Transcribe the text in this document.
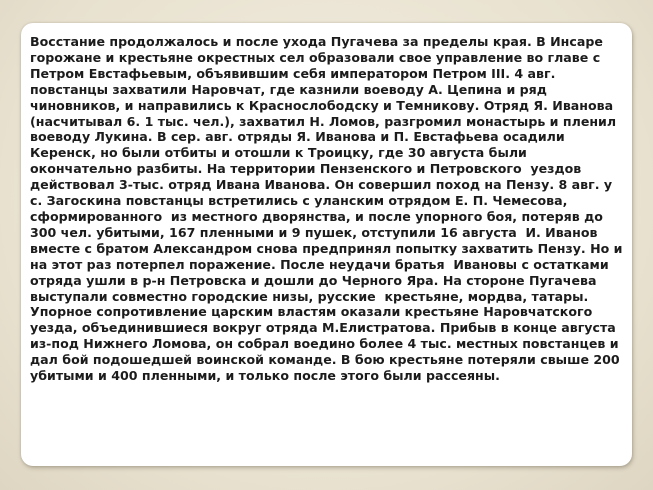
Восстание продолжалось и после ухода Пугачева за пределы края. В Инсаре
горожане и крестьяне окрестных сел образовали свое управление во главе с
Петром Евстафьевым, объявившим себя императором Петром III. 4 авг.
повстанцы захватили Наровчат, где казнили воеводу А. Цепина и ряд
чиновников, и направились к Краснослободску и Темникову. Отряд Я. Иванова
(насчитывал 6. 1 тыс. чел.), захватил Н. Ломов, разгромил монастырь и пленил
воеводу Лукина. В сер. авг. отряды Я. Иванова и П. Евстафьева осадили
Керенск, но были отбиты и отошли к Троицку, где 30 августа были
окончательно разбиты. На территории Пензенского и Петровского  уездов
действовал 3-тыс. отряд Ивана Иванова. Он совершил поход на Пензу. 8 авг. у
с. Загоскина повстанцы встретились с уланским отрядом Е. П. Чемесова,
сформированного  из местного дворянства, и после упорного боя, потеряв до
300 чел. убитыми, 167 пленными и 9 пушек, отступили 16 августа  И. Иванов
вместе с братом Александром снова предпринял попытку захватить Пензу. Но и
на этот раз потерпел поражение. После неудачи братья  Ивановы с остатками
отряда ушли в р-н Петровска и дошли до Черного Яра. На стороне Пугачева
выступали совместно городские низы, русские  крестьяне, мордва, татары.
Упорное сопротивление царским властям оказали крестьяне Наровчатского
уезда, объединившиеся вокруг отряда М.Елистратова. Прибыв в конце августа
из-под Нижнего Ломова, он собрал воедино более 4 тыс. местных повстанцев и
дал бой подошедшей воинской команде. В бою крестьяне потеряли свыше 200
убитыми и 400 пленными, и только после этого были рассеяны.
